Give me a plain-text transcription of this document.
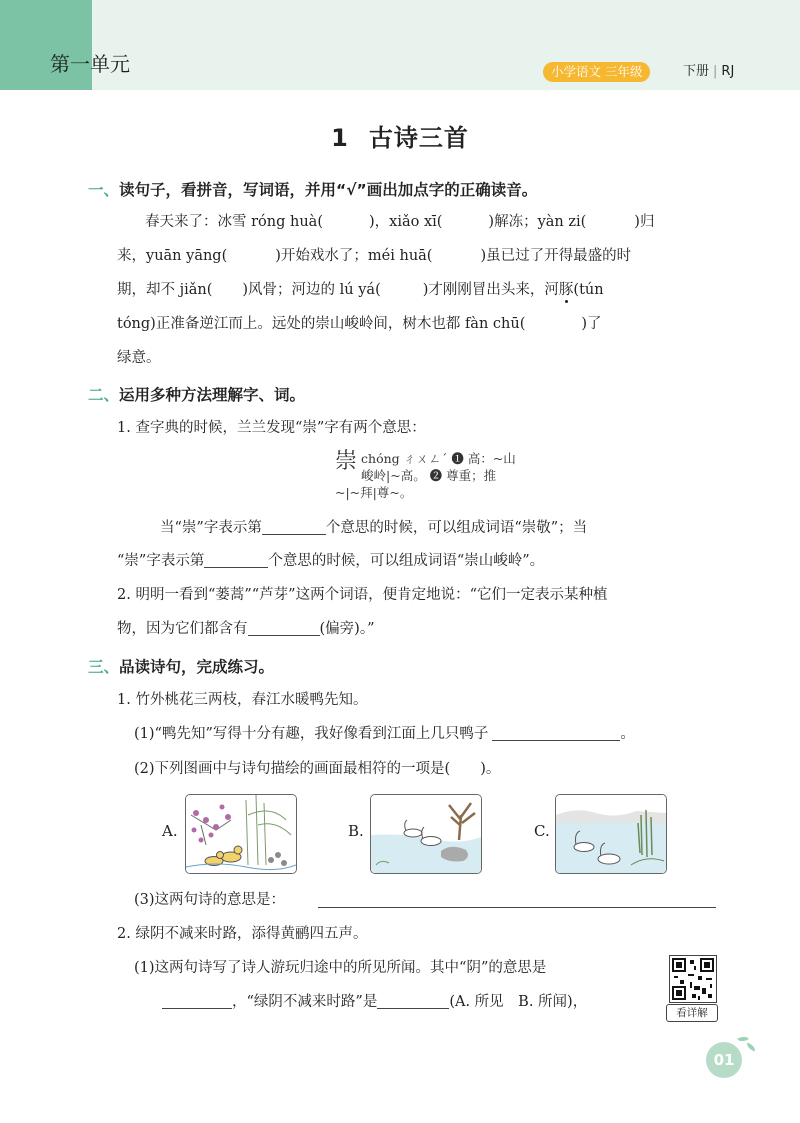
第一单元	小学语文 三年级	下册 | RJ
1 古诗三首
一、读句子，看拼音，写词语，并用“√”画出加点字的正确读音。
春天来了：冰雪 róng huà(	)，xiǎo xī(	)解冻；yàn zi(	)归
来，yuān yāng(	)开始戏水了；méi huā(	)虽已过了开得最盛的时
期，却不 jiǎn( )风骨；河边的 lú yá(	)才刚刚冒出头来，河豚(tún
tóng)正准备逆江而上。远处的崇山峻岭间，树木也都 fàn chū(	)了
绿意。
二、运用多种方法理解字、词。
1. 查字典的时候，兰兰发现“崇”字有两个意思：
崇 chóng ㄔㄨㄥˊ ❶ 高：~山
峻岭|~高。 ❷ 尊重；推
~|~拜|尊~。
当“崇”字表示第	个意思的时候，可以组成词语“崇敬”；当
“崇”字表示第	个意思的时候，可以组成词语“崇山峻岭”。
2. 明明一看到“蒌蒿”“芦芽”这两个词语，便肯定地说：“它们一定表示某种植
物，因为它们都含有	(偏旁)。”
三、品读诗句，完成练习。
1. 竹外桃花三两枝，春江水暖鸭先知。
(1)“鸭先知”写得十分有趣，我好像看到江面上几只鸭子	。
(2)下列图画中与诗句描绘的画面最相符的一项是( )。
A.	B.	C.
(3)这两句诗的意思是：
2. 绿阴不减来时路，添得黄鹂四五声。
(1)这两句诗写了诗人游玩归途中的所见所闻。其中“阴”的意思是
，“绿阴不减来时路”是	(A. 所见　B. 所闻)，
看详解
01
